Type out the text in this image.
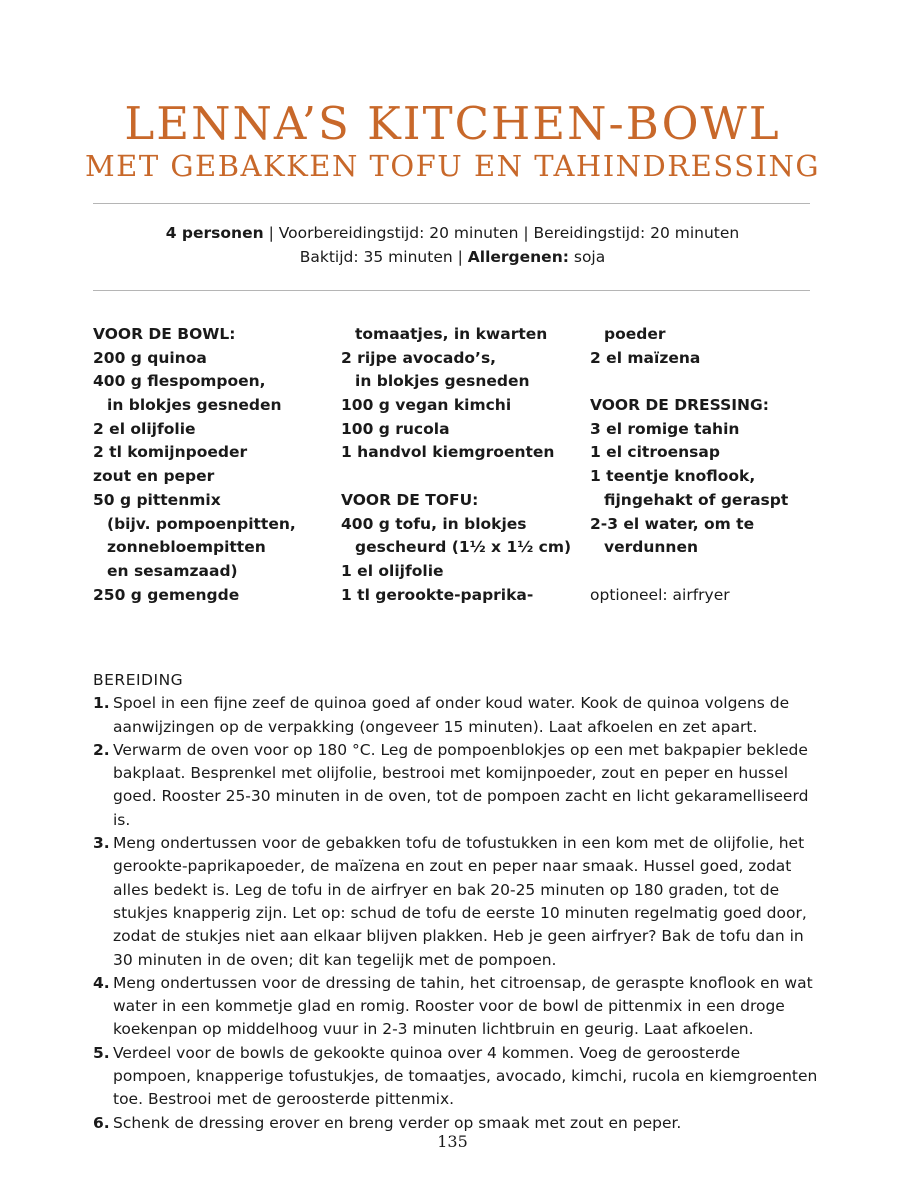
LENNA’S KITCHEN-BOWL
MET GEBAKKEN TOFU EN TAHINDRESSING
4 personen | Voorbereidingstijd: 20 minuten | Bereidingstijd: 20 minuten
Baktijd: 35 minuten | Allergenen: soja
VOOR DE BOWL:
200 g quinoa
400 g flespompoen,
in blokjes gesneden
2 el olijfolie
2 tl komijnpoeder
zout en peper
50 g pittenmix
(bijv. pompoenpitten,
zonnebloempitten
en sesamzaad)
250 g gemengde
tomaatjes, in kwarten
2 rijpe avocado’s,
in blokjes gesneden
100 g vegan kimchi
100 g rucola
1 handvol kiemgroenten
VOOR DE TOFU:
400 g tofu, in blokjes
gescheurd (1½ x 1½ cm)
1 el olijfolie
1 tl gerookte-paprika-
poeder
2 el maïzena
VOOR DE DRESSING:
3 el romige tahin
1 el citroensap
1 teentje knoflook,
fijngehakt of geraspt
2-3 el water, om te
verdunnen
optioneel: airfryer
BEREIDING
1. Spoel in een fijne zeef de quinoa goed af onder koud water. Kook de quinoa volgens de
aanwijzingen op de verpakking (ongeveer 15 minuten). Laat afkoelen en zet apart.
2. Verwarm de oven voor op 180 °C. Leg de pompoenblokjes op een met bakpapier beklede
bakplaat. Besprenkel met olijfolie, bestrooi met komijnpoeder, zout en peper en hussel
goed. Rooster 25-30 minuten in de oven, tot de pompoen zacht en licht gekaramelliseerd is.
3. Meng ondertussen voor de gebakken tofu de tofustukken in een kom met de olijfolie, het
gerookte-paprikapoeder, de maïzena en zout en peper naar smaak. Hussel goed, zodat
alles bedekt is. Leg de tofu in de airfryer en bak 20-25 minuten op 180 graden, tot de
stukjes knapperig zijn. Let op: schud de tofu de eerste 10 minuten regelmatig goed door,
zodat de stukjes niet aan elkaar blijven plakken. Heb je geen airfryer? Bak de tofu dan in
30 minuten in de oven; dit kan tegelijk met de pompoen.
4. Meng ondertussen voor de dressing de tahin, het citroensap, de geraspte knoflook en wat
water in een kommetje glad en romig. Rooster voor de bowl de pittenmix in een droge
koekenpan op middelhoog vuur in 2-3 minuten lichtbruin en geurig. Laat afkoelen.
5. Verdeel voor de bowls de gekookte quinoa over 4 kommen. Voeg de geroosterde
pompoen, knapperige tofustukjes, de tomaatjes, avocado, kimchi, rucola en kiemgroenten
toe. Bestrooi met de geroosterde pittenmix.
6. Schenk de dressing erover en breng verder op smaak met zout en peper.
135
